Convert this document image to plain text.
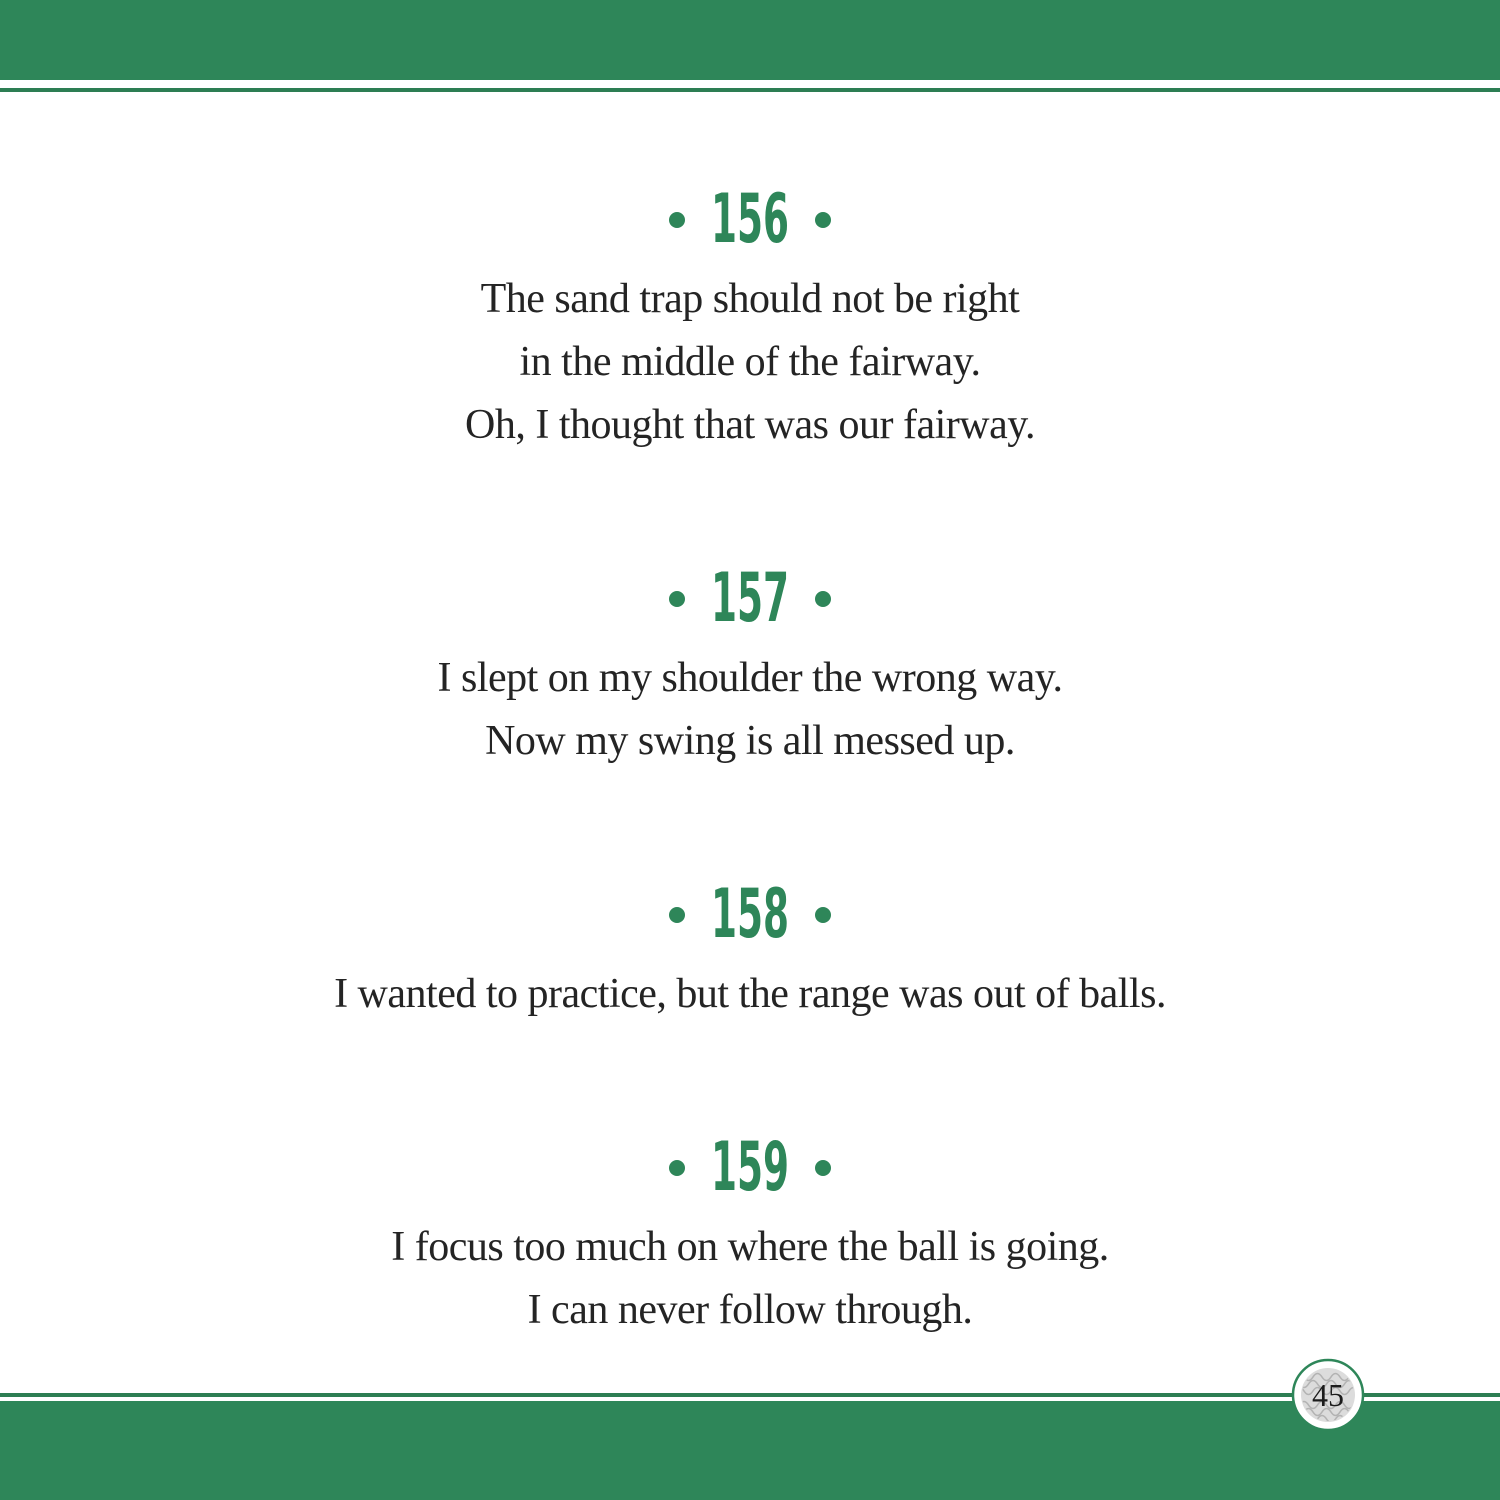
156

The sand trap should not be right

in the middle of the fairway.

Oh, I thought that was our fairway.

157

I slept on my shoulder the wrong way.

Now my swing is all messed up.

158

I wanted to practice, but the range was out of balls.

159

I focus too much on where the ball is going.

I can never follow through.

45
